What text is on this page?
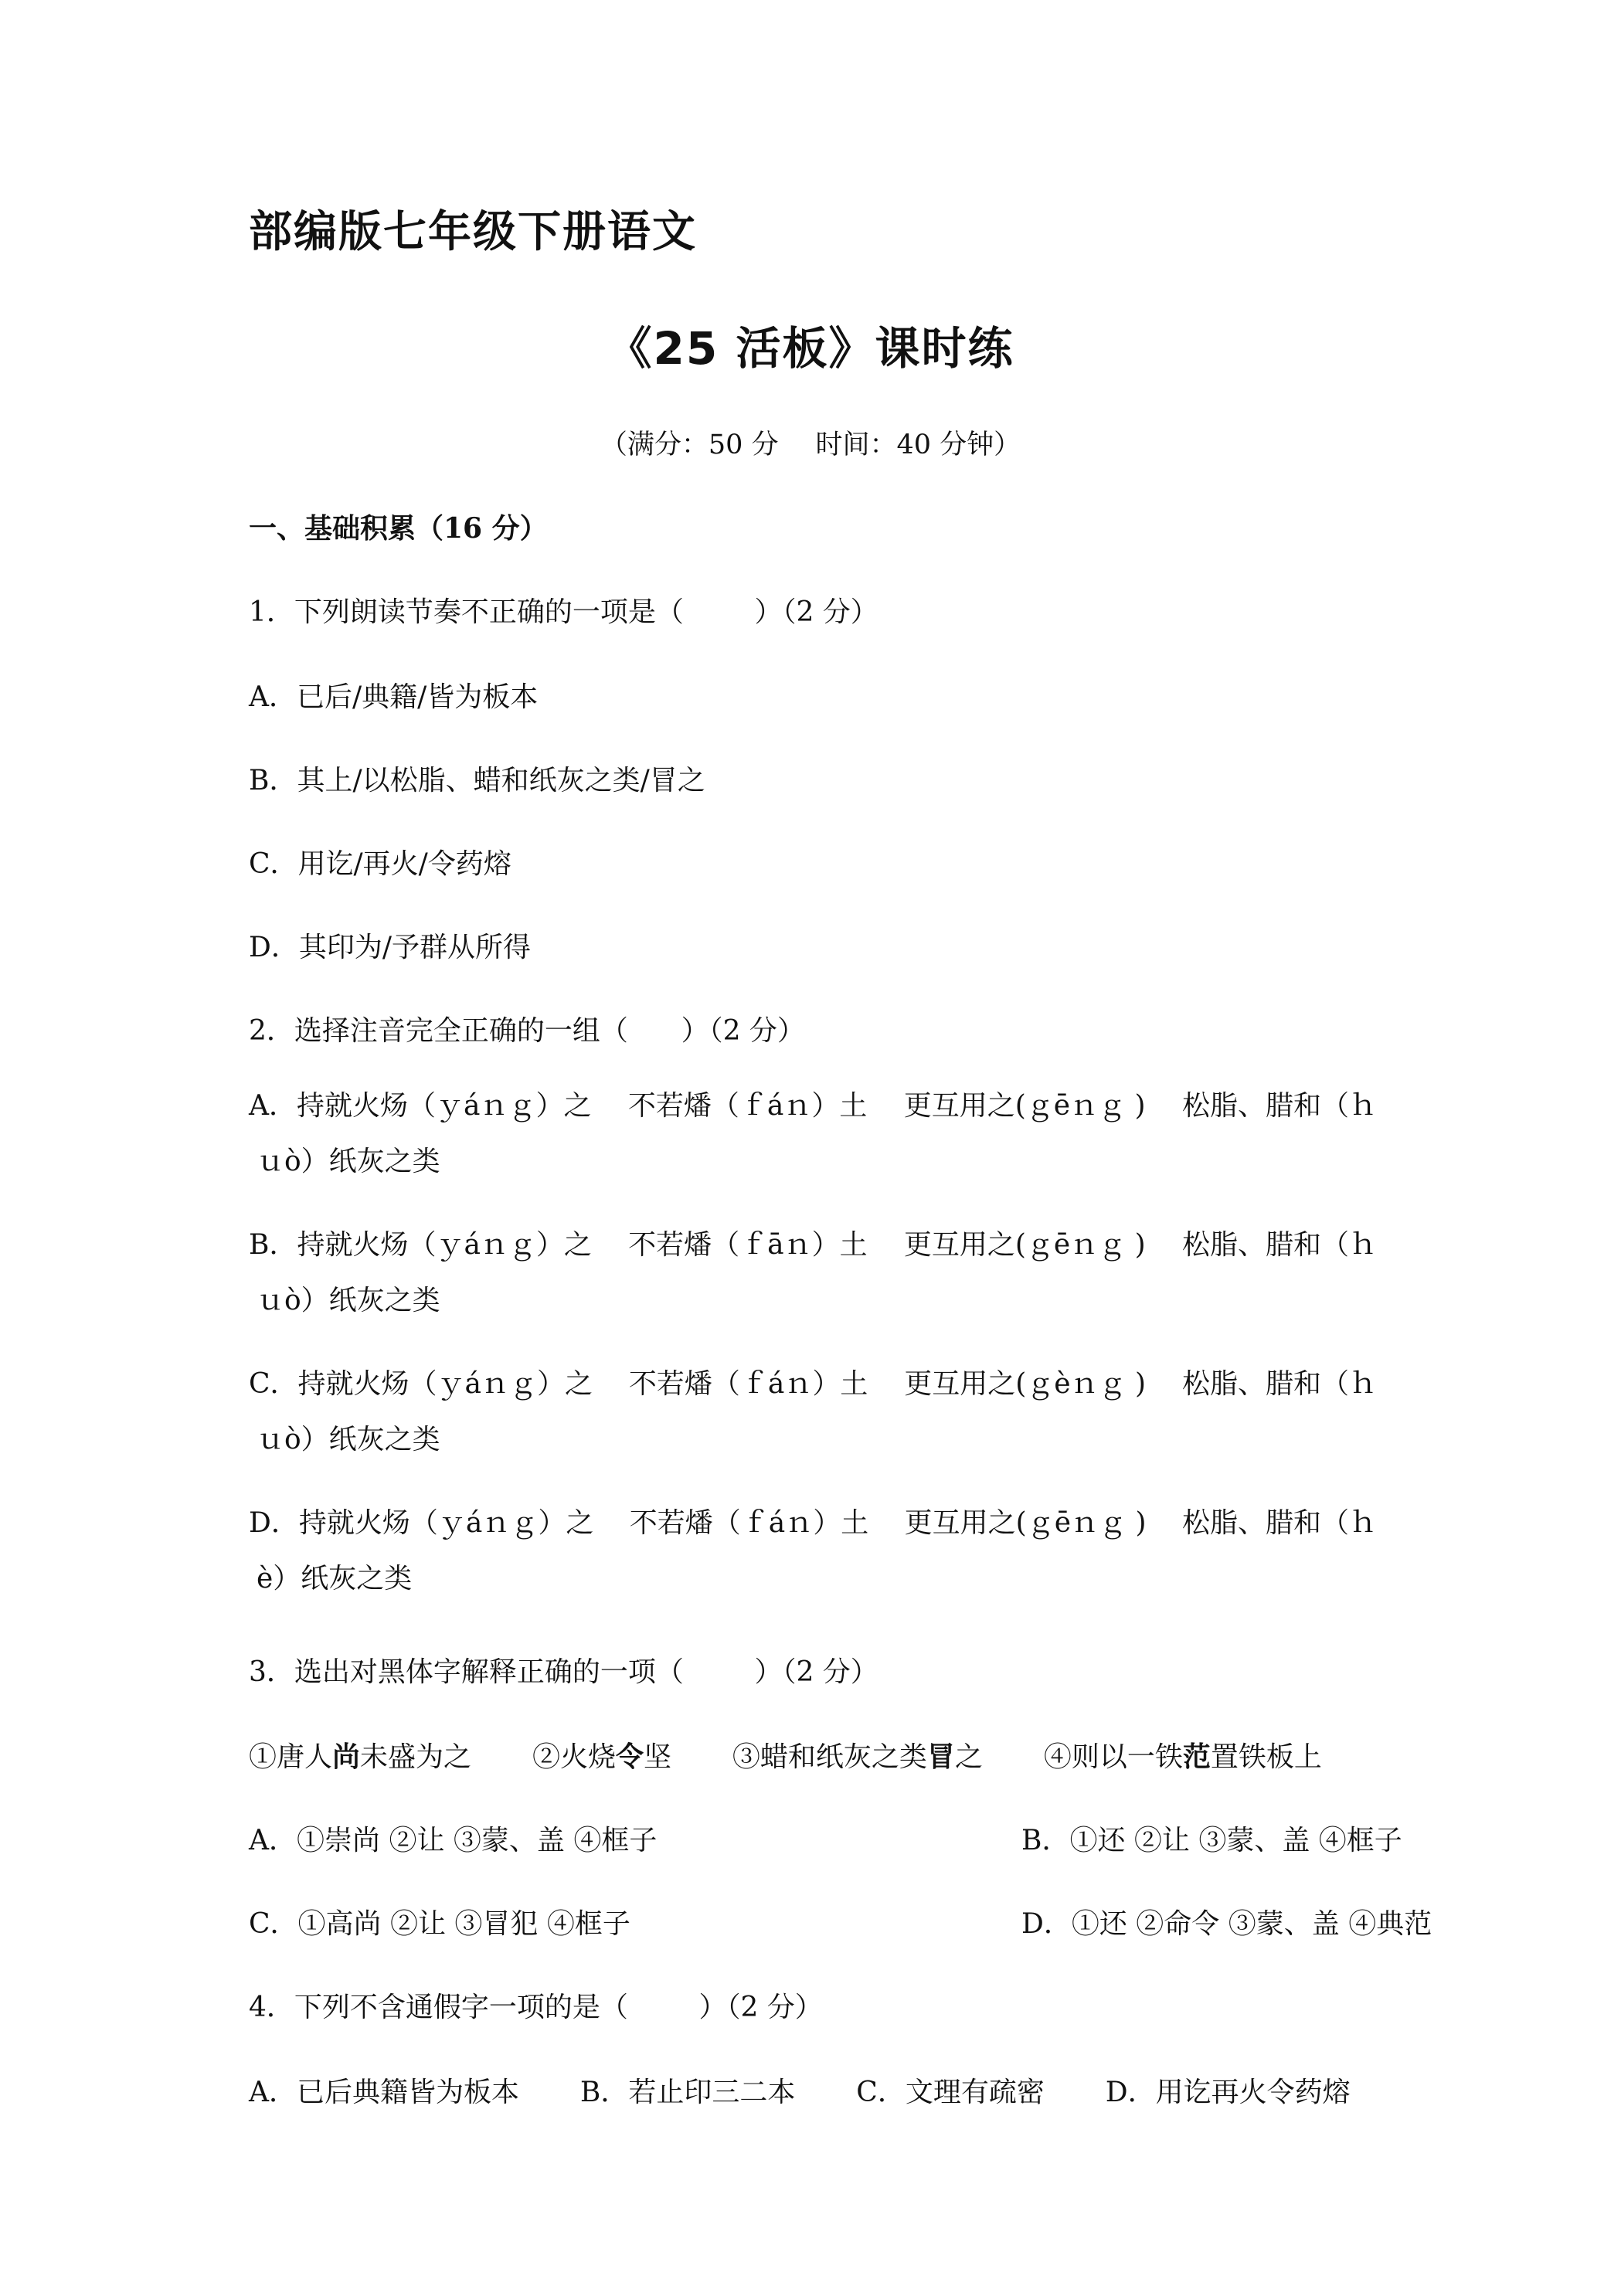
部编版七年级下册语文
《25 活板》课时练
（满分：50 分 时间：40 分钟）
一、基础积累（16 分）

1．下列朗读节奏不正确的一项是（        ）（2 分）

A．已后/典籍/皆为板本

B．其上/以松脂、蜡和纸灰之类/冒之

C．用讫/再火/令药熔

D．其印为/予群从所得

2．选择注音完全正确的一组（      ）（2 分）

A．持就火炀（ｙáｎｇ）之 不若燔（ｆáｎ）土 更互用之(ｇēｎｇ ) 松脂、腊和（ｈ
ｕò）纸灰之类
B．持就火炀（ｙáｎｇ）之 不若燔（ｆāｎ）土 更互用之(ｇēｎｇ ) 松脂、腊和（ｈ
ｕò）纸灰之类
C．持就火炀（ｙáｎｇ）之 不若燔（ｆáｎ）土 更互用之(ｇèｎｇ ) 松脂、腊和（ｈ
ｕò）纸灰之类
D．持就火炀（ｙáｎｇ）之 不若燔（ｆáｎ）土 更互用之(ｇēｎｇ ) 松脂、腊和（ｈ
è）纸灰之类

3．选出对黑体字解释正确的一项（        ）（2 分）

①唐人尚未盛为之 ②火烧令坚 ③蜡和纸灰之类冒之 ④则以一铁范置铁板上
A．①崇尚 ②让 ③蒙、盖 ④框子	B．①还 ②让 ③蒙、盖 ④框子
C．①高尚 ②让 ③冒犯 ④框子	D．①还 ②命令 ③蒙、盖 ④典范

4．下列不含通假字一项的是（        ）（2 分）

A．已后典籍皆为板本 B．若止印三二本 C．文理有疏密 D．用讫再火令药熔
